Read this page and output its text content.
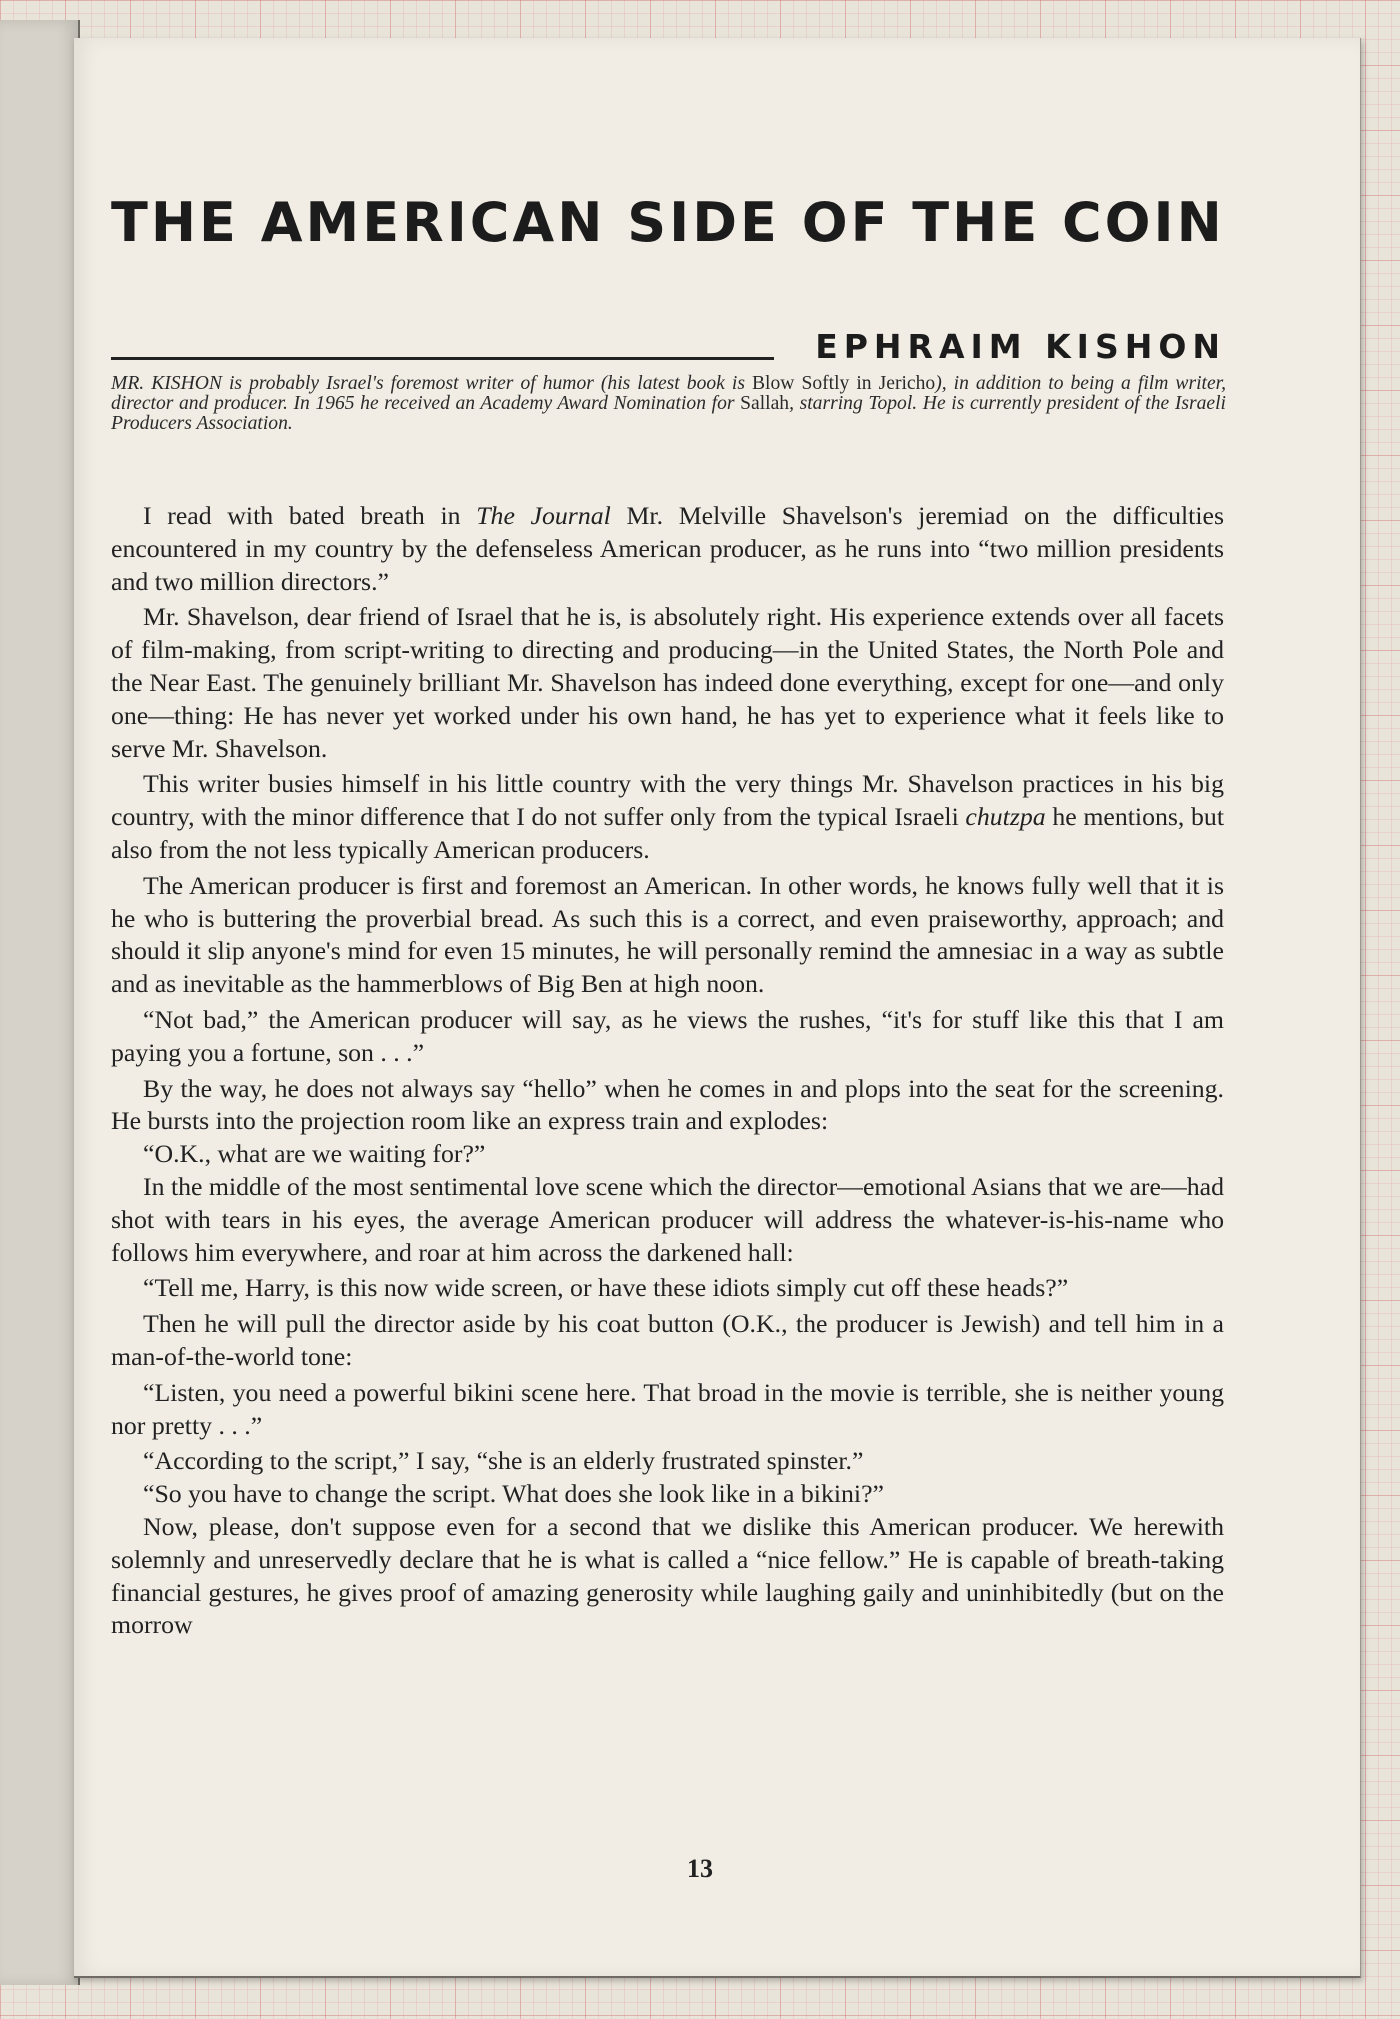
THE AMERICAN SIDE OF THE COIN
EPHRAIM KISHON

MR. KISHON is probably Israel's foremost writer of humor (his latest book is Blow Softly in Jericho), in addition to being a film writer, director and producer. In 1965 he received an Academy Award Nomination for Sallah, starring Topol. He is currently president of the Israeli Producers Association.

I read with bated breath in The Journal Mr. Melville Shavelson's jeremiad on the difficulties encountered in my country by the defenseless American producer, as he runs into “two million presidents and two million directors.”

Mr. Shavelson, dear friend of Israel that he is, is absolutely right. His experience extends over all facets of film-making, from script-writing to directing and producing—in the United States, the North Pole and the Near East. The genuinely brilliant Mr. Shavelson has indeed done everything, except for one—and only one—thing: He has never yet worked under his own hand, he has yet to experience what it feels like to serve Mr. Shavelson.

This writer busies himself in his little country with the very things Mr. Shavelson practices in his big country, with the minor difference that I do not suffer only from the typical Israeli chutzpa he mentions, but also from the not less typically American producers.

The American producer is first and foremost an American. In other words, he knows fully well that it is he who is buttering the proverbial bread. As such this is a correct, and even praiseworthy, approach; and should it slip anyone's mind for even 15 minutes, he will personally remind the amnesiac in a way as subtle and as inevitable as the hammerblows of Big Ben at high noon.

“Not bad,” the American producer will say, as he views the rushes, “it's for stuff like this that I am paying you a fortune, son . . .”

By the way, he does not always say “hello” when he comes in and plops into the seat for the screening. He bursts into the projection room like an express train and explodes:

“O.K., what are we waiting for?”

In the middle of the most sentimental love scene which the director—emotional Asians that we are—had shot with tears in his eyes, the average American producer will address the whatever-is-his-name who follows him everywhere, and roar at him across the darkened hall:

“Tell me, Harry, is this now wide screen, or have these idiots simply cut off these heads?”

Then he will pull the director aside by his coat button (O.K., the producer is Jewish) and tell him in a man-of-the-world tone:

“Listen, you need a powerful bikini scene here. That broad in the movie is terrible, she is neither young nor pretty . . .”

“According to the script,” I say, “she is an elderly frustrated spinster.”

“So you have to change the script. What does she look like in a bikini?”

Now, please, don't suppose even for a second that we dislike this American producer. We herewith solemnly and unreservedly declare that he is what is called a “nice fellow.” He is capable of breath-taking financial gestures, he gives proof of amazing generosity while laughing gaily and uninhibitedly (but on the morrow

13
